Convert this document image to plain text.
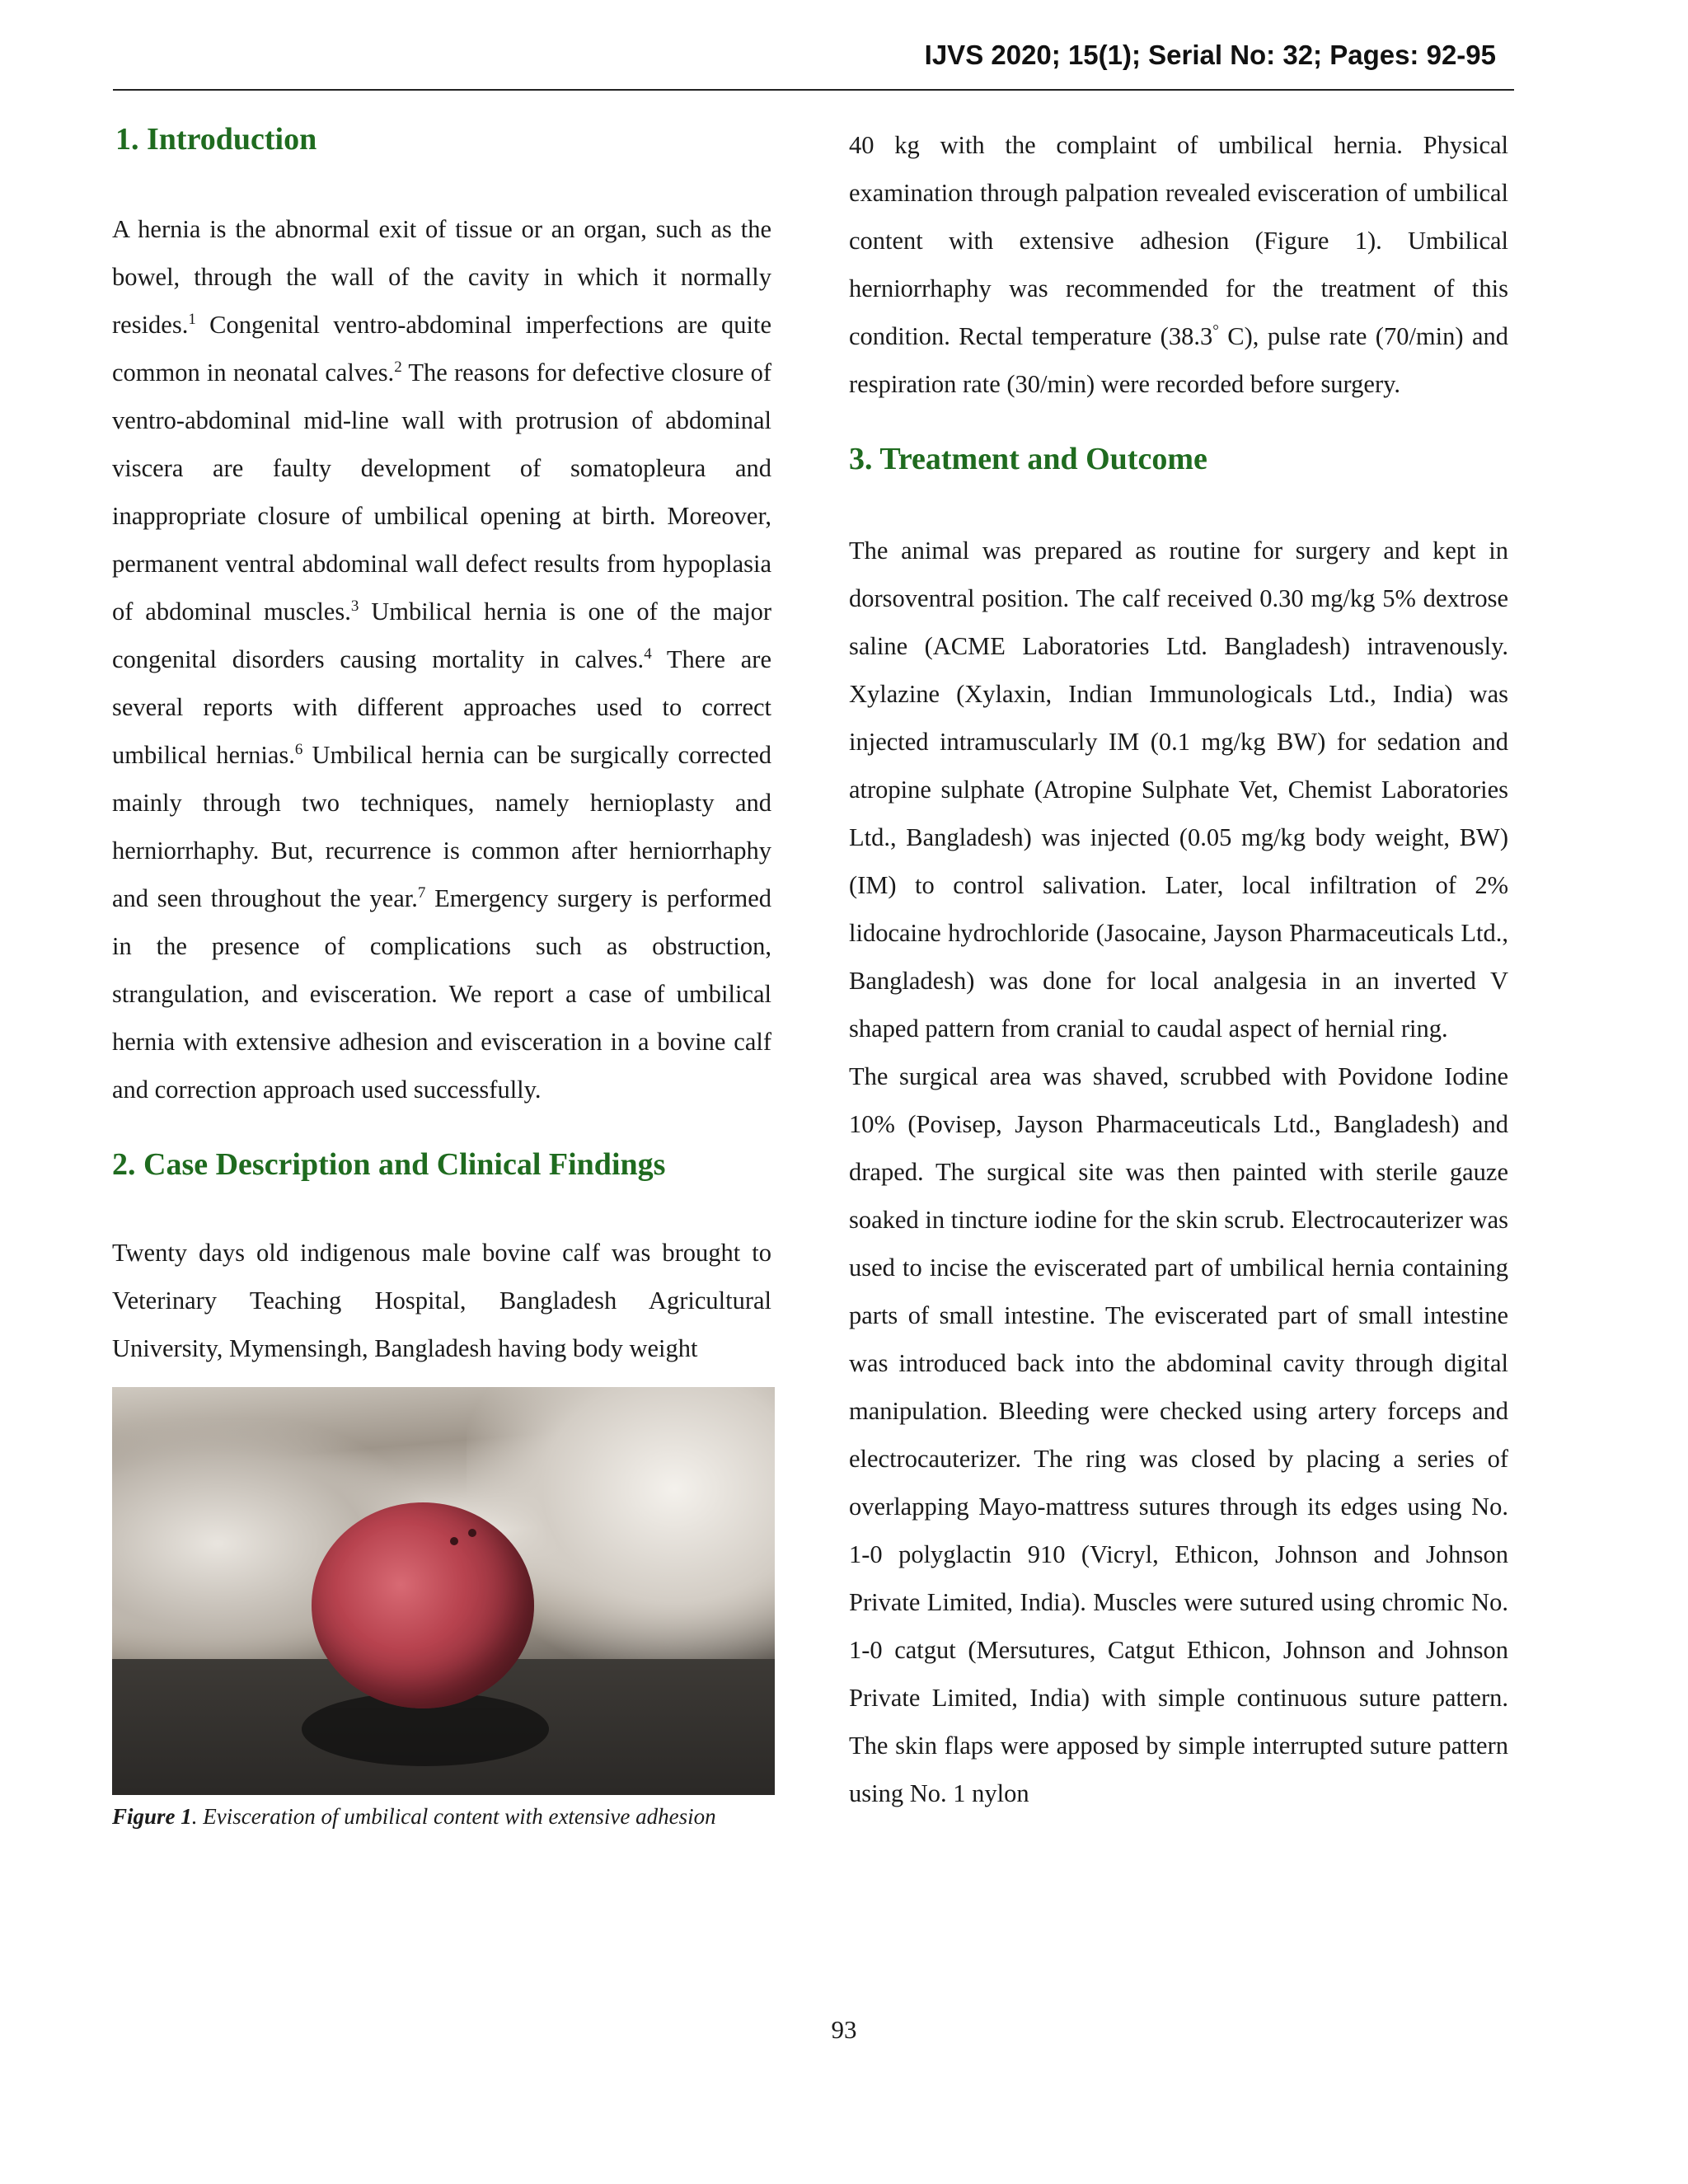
IJVS 2020; 15(1); Serial No: 32; Pages: 92-95
1. Introduction

A hernia is the abnormal exit of tissue or an organ, such as the bowel, through the wall of the cavity in which it normally resides.$^1$ Congenital ventro-abdominal imperfections are quite common in neonatal calves.$^2$ The reasons for defective closure of ventro-abdominal mid-line wall with protrusion of abdominal viscera are faulty development of somatopleura and inappropriate closure of umbilical opening at birth. Moreover, permanent ventral abdominal wall defect results from hypoplasia of abdominal muscles.$^3$ Umbilical hernia is one of the major congenital disorders causing mortality in calves.$^4$ There are several reports with different approaches used to correct umbilical hernias.$^6$ Umbilical hernia can be surgically corrected mainly through two techniques, namely hernioplasty and herniorrhaphy. But, recurrence is common after herniorrhaphy and seen throughout the year.$^7$ Emergency surgery is performed in the presence of complications such as obstruction, strangulation, and evisceration. We report a case of umbilical hernia with extensive adhesion and evisceration in a bovine calf and correction approach used successfully.

2. Case Description and Clinical Findings

Twenty days old indigenous male bovine calf was brought to Veterinary Teaching Hospital, Bangladesh Agricultural University, Mymensingh, Bangladesh having body weight

Figure 1. Evisceration of umbilical content with extensive adhesion

40 kg with the complaint of umbilical hernia. Physical examination through palpation revealed evisceration of umbilical content with extensive adhesion (Figure 1). Umbilical herniorrhaphy was recommended for the treatment of this condition. Rectal temperature (38.3° C), pulse rate (70/min) and respiration rate (30/min) were recorded before surgery.

3. Treatment and Outcome

The animal was prepared as routine for surgery and kept in dorsoventral position. The calf received 0.30 mg/kg 5% dextrose saline (ACME Laboratories Ltd. Bangladesh) intravenously. Xylazine (Xylaxin, Indian Immunologicals Ltd., India) was injected intramuscularly IM (0.1 mg/kg BW) for sedation and atropine sulphate (Atropine Sulphate Vet, Chemist Laboratories Ltd., Bangladesh) was injected (0.05 mg/kg body weight, BW) (IM) to control salivation. Later, local infiltration of 2% lidocaine hydrochloride (Jasocaine, Jayson Pharmaceuticals Ltd., Bangladesh) was done for local analgesia in an inverted V shaped pattern from cranial to caudal aspect of hernial ring.

The surgical area was shaved, scrubbed with Povidone Iodine 10% (Povisep, Jayson Pharmaceuticals Ltd., Bangladesh) and draped. The surgical site was then painted with sterile gauze soaked in tincture iodine for the skin scrub. Electrocauterizer was used to incise the eviscerated part of umbilical hernia containing parts of small intestine. The eviscerated part of small intestine was introduced back into the abdominal cavity through digital manipulation. Bleeding were checked using artery forceps and electrocauterizer. The ring was closed by placing a series of overlapping Mayo-mattress sutures through its edges using No. 1-0 polyglactin 910 (Vicryl, Ethicon, Johnson and Johnson Private Limited, India). Muscles were sutured using chromic No. 1-0 catgut (Mersutures, Catgut Ethicon, Johnson and Johnson Private Limited, India) with simple continuous suture pattern. The skin flaps were apposed by simple interrupted suture pattern using No. 1 nylon

93
